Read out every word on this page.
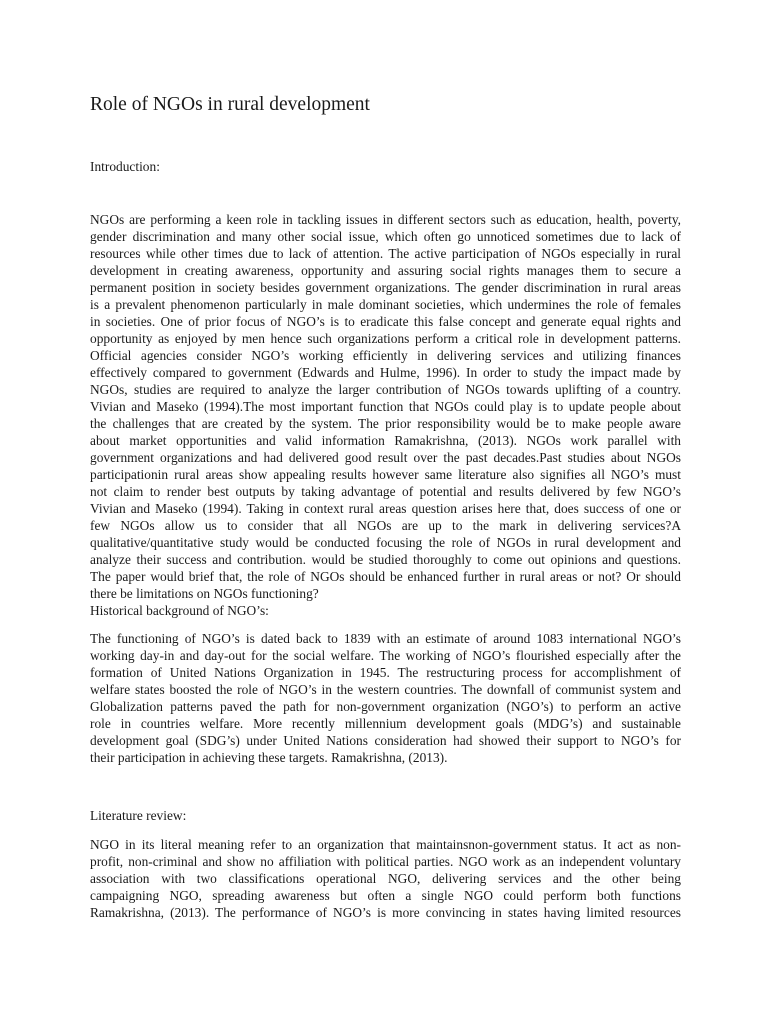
Role of NGOs in rural development
Introduction:
NGOs are performing a keen role in tackling issues in different sectors such as education, health, poverty,
gender discrimination and many other social issue, which often go unnoticed sometimes due to lack of
resources while other times due to lack of attention. The active participation of NGOs especially in rural
development in creating awareness, opportunity and assuring social rights manages them to secure a
permanent position in society besides government organizations. The gender discrimination in rural areas
is a prevalent phenomenon particularly in male dominant societies, which undermines the role of females
in societies. One of prior focus of NGO’s is to eradicate this false concept and generate equal rights and
opportunity as enjoyed by men hence such organizations perform a critical role in development patterns.
Official agencies consider NGO’s working efficiently in delivering services and utilizing finances
effectively compared to government (Edwards and Hulme, 1996). In order to study the impact made by
NGOs, studies are required to analyze the larger contribution of NGOs towards uplifting of a country.
Vivian and Maseko (1994).The most important function that NGOs could play is to update people about
the challenges that are created by the system. The prior responsibility would be to make people aware
about market opportunities and valid information Ramakrishna, (2013). NGOs work parallel with
government organizations and had delivered good result over the past decades.Past studies about NGOs
participationin rural areas show appealing results however same literature also signifies all NGO’s must
not claim to render best outputs by taking advantage of potential and results delivered by few NGO’s
Vivian and Maseko (1994). Taking in context rural areas question arises here that, does success of one or
few NGOs allow us to consider that all NGOs are up to the mark in delivering services?A
qualitative/quantitative study would be conducted focusing the role of NGOs in rural development and
analyze their success and contribution. would be studied thoroughly to come out opinions and questions.
The paper would brief that, the role of NGOs should be enhanced further in rural areas or not? Or should
there be limitations on NGOs functioning?
Historical background of NGO’s:
The functioning of NGO’s is dated back to 1839 with an estimate of around 1083 international NGO’s
working day-in and day-out for the social welfare. The working of NGO’s flourished especially after the
formation of United Nations Organization in 1945. The restructuring process for accomplishment of
welfare states boosted the role of NGO’s in the western countries. The downfall of communist system and
Globalization patterns paved the path for non-government organization (NGO’s) to perform an active
role in countries welfare. More recently millennium development goals (MDG’s) and sustainable
development goal (SDG’s) under United Nations consideration had showed their support to NGO’s for
their participation in achieving these targets. Ramakrishna, (2013).
Literature review:
NGO in its literal meaning refer to an organization that maintainsnon-government status. It act as non-
profit, non-criminal and show no affiliation with political parties. NGO work as an independent voluntary
association with two classifications operational NGO, delivering services and the other being
campaigning NGO, spreading awareness but often a single NGO could perform both functions
Ramakrishna, (2013). The performance of NGO’s is more convincing in states having limited resources
